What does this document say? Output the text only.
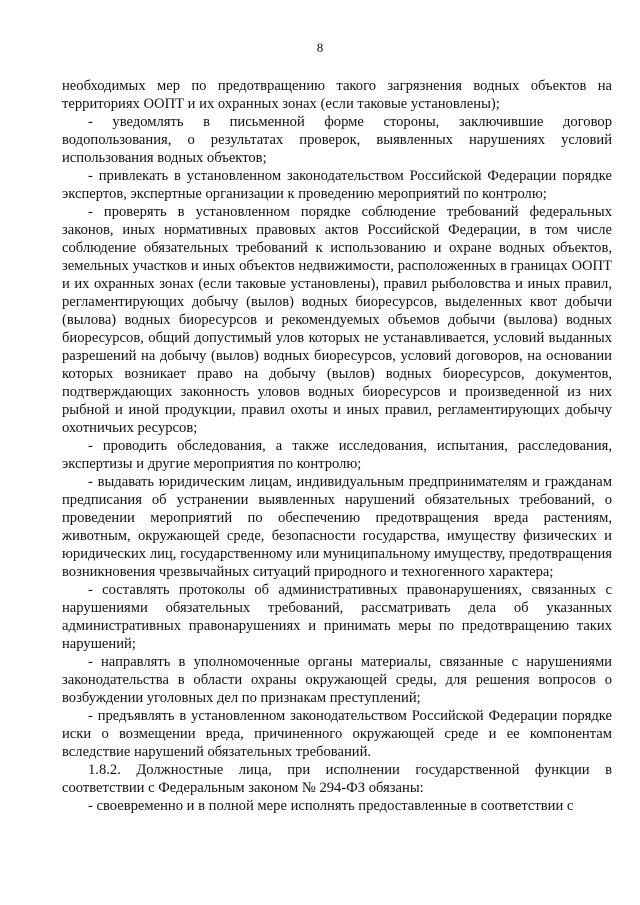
8

необходимых мер по предотвращению такого загрязнения водных объектов на территориях ООПТ и их охранных зонах (если таковые установлены);

- уведомлять в письменной форме стороны, заключившие договор водопользования, о результатах проверок, выявленных нарушениях условий использования водных объектов;

- привлекать в установленном законодательством Российской Федерации порядке экспертов, экспертные организации к проведению мероприятий по контролю;

- проверять в установленном порядке соблюдение требований федеральных законов, иных нормативных правовых актов Российской Федерации, в том числе соблюдение обязательных требований к использованию и охране водных объектов, земельных участков и иных объектов недвижимости, расположенных в границах ООПТ и их охранных зонах (если таковые установлены), правил рыболовства и иных правил, регламентирующих добычу (вылов) водных биоресурсов, выделенных квот добычи (вылова) водных биоресурсов и рекомендуемых объемов добычи (вылова) водных биоресурсов, общий допустимый улов которых не устанавливается, условий выданных разрешений на добычу (вылов) водных биоресурсов, условий договоров, на основании которых возникает право на добычу (вылов) водных биоресурсов, документов, подтверждающих законность уловов водных биоресурсов и произведенной из них рыбной и иной продукции, правил охоты и иных правил, регламентирующих добычу охотничьих ресурсов;

- проводить обследования, а также исследования, испытания, расследования, экспертизы и другие мероприятия по контролю;

- выдавать юридическим лицам, индивидуальным предпринимателям и гражданам предписания об устранении выявленных нарушений обязательных требований, о проведении мероприятий по обеспечению предотвращения вреда растениям, животным, окружающей среде, безопасности государства, имуществу физических и юридических лиц, государственному или муниципальному имуществу, предотвращения возникновения чрезвычайных ситуаций природного и техногенного характера;

- составлять протоколы об административных правонарушениях, связанных с нарушениями обязательных требований, рассматривать дела об указанных административных правонарушениях и принимать меры по предотвращению таких нарушений;

- направлять в уполномоченные органы материалы, связанные с нарушениями законодательства в области охраны окружающей среды, для решения вопросов о возбуждении уголовных дел по признакам преступлений;

- предъявлять в установленном законодательством Российской Федерации порядке иски о возмещении вреда, причиненного окружающей среде и ее компонентам вследствие нарушений обязательных требований.

1.8.2. Должностные лица, при исполнении государственной функции в соответствии с Федеральным законом № 294-ФЗ обязаны:

- своевременно и в полной мере исполнять предоставленные в соответствии с
